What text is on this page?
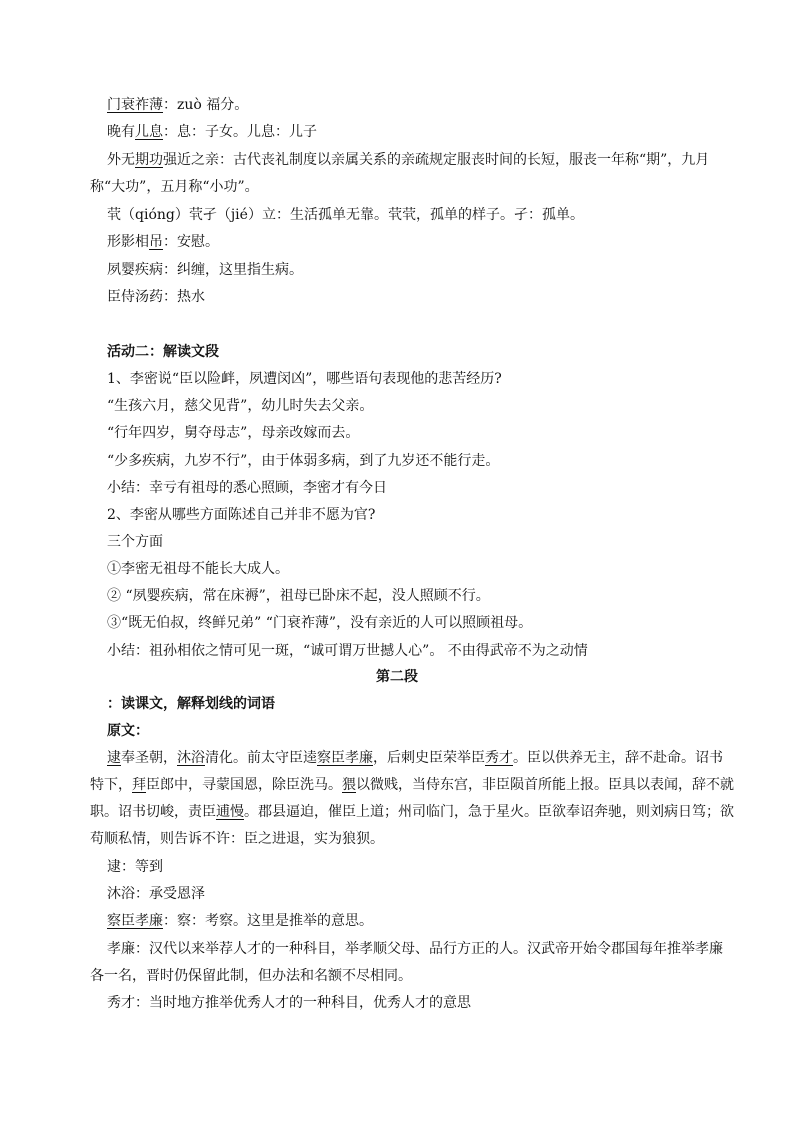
门衰祚薄：zuò 福分。
晚有儿息：息：子女。儿息：儿子
外无期功强近之亲：古代丧礼制度以亲属关系的亲疏规定服丧时间的长短，服丧一年称“期”，九月
称“大功”，五月称“小功”。
茕（qióng）茕孑（jié）立：生活孤单无靠。茕茕，孤单的样子。孑：孤单。
形影相吊：安慰。
夙婴疾病：纠缠，这里指生病。
臣侍汤药：热水
活动二：解读文段
1、李密说“臣以险衅，夙遭闵凶”，哪些语句表现他的悲苦经历?
“生孩六月，慈父见背”，幼儿时失去父亲。
“行年四岁，舅夺母志”，母亲改嫁而去。
“少多疾病，九岁不行”，由于体弱多病，到了九岁还不能行走。
小结：幸亏有祖母的悉心照顾，李密才有今日
2、李密从哪些方面陈述自己并非不愿为官?
三个方面
①李密无祖母不能长大成人。
② “夙婴疾病，常在床褥”，祖母已卧床不起，没人照顾不行。
③“既无伯叔，终鲜兄弟” “门衰祚薄”，没有亲近的人可以照顾祖母。
小结：祖孙相依之情可见一斑，“诚可谓万世撼人心”。 不由得武帝不为之动情
第二段
：读课文，解释划线的词语
原文：
逮奉圣朝，沐浴清化。前太守臣逵察臣孝廉，后刺史臣荣举臣秀才。臣以供养无主，辞不赴命。诏书
特下，拜臣郎中，寻蒙国恩，除臣洗马。猥以微贱，当侍东宫，非臣陨首所能上报。臣具以表闻，辞不就
职。诏书切峻，责臣逋慢。郡县逼迫，催臣上道；州司临门，急于星火。臣欲奉诏奔驰，则刘病日笃；欲
苟顺私情，则告诉不许：臣之进退，实为狼狈。
逮：等到
沐浴：承受恩泽
察臣孝廉：察：考察。这里是推举的意思。
孝廉：汉代以来举荐人才的一种科目，举孝顺父母、品行方正的人。汉武帝开始令郡国每年推举孝廉
各一名，晋时仍保留此制，但办法和名额不尽相同。
秀才：当时地方推举优秀人才的一种科目，优秀人才的意思
